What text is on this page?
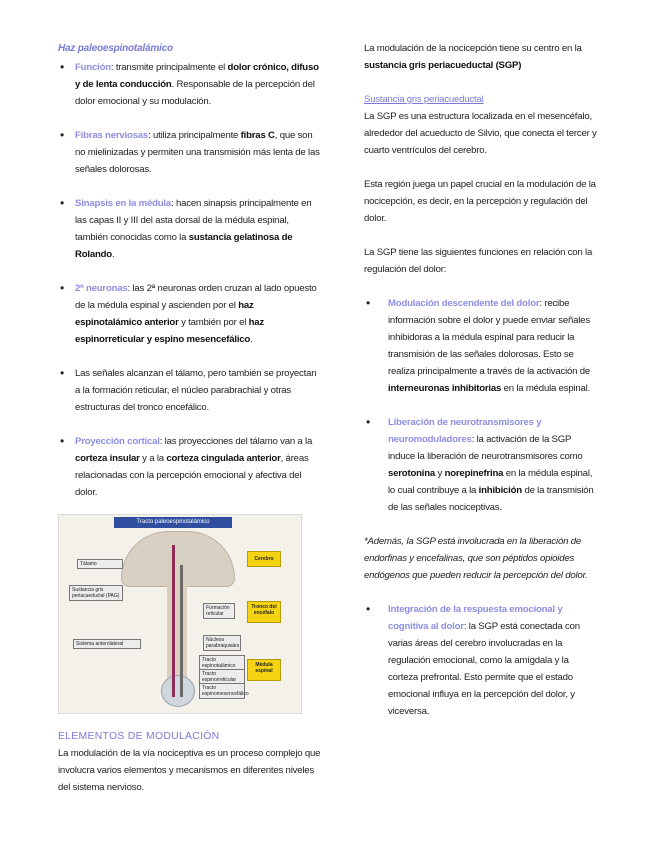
Haz paleoespinotalámico

• Función: transmite principalmente el dolor crónico, difuso y de lenta conducción. Responsable de la percepción del dolor emocional y su modulación.
• Fibras nerviosas: utiliza principalmente fibras C, que son no mielinizadas y permiten una transmisión más lenta de las señales dolorosas.
• Sinapsis en la médula: hacen sinapsis principalmente en las capas II y III del asta dorsal de la médula espinal, también conocidas como la sustancia gelatinosa de Rolando.
• 2ª neuronas: las 2ª neuronas orden cruzan al lado opuesto de la médula espinal y ascienden por el haz espinotalámico anterior y también por el haz espinorreticular y espino mesencefálico.
• Las señales alcanzan el tálamo, pero también se proyectan a la formación reticular, el núcleo parabrachial y otras estructuras del tronco encefálico.
• Proyección cortical: las proyecciones del tálamo van a la corteza insular y a la corteza cingulada anterior, áreas relacionadas con la percepción emocional y afectiva del dolor.
Tracto paleoespinotalámico
Tálamo
Sustancia gris periacueductal (PAG)
Formación reticular
Núcleos parabraquiales
Sistema anterolateral
Tracto espinotalámico
Tracto espinorreticular
Tracto espinomesencefálico
Cerebro
Tronco del encéfalo
Médula espinal

ELEMENTOS DE MODULACIÓN

La modulación de la vía nociceptiva es un proceso complejo que involucra varios elementos y mecanismos en diferentes niveles del sistema nervioso.

La modulación de la nocicepción tiene su centro en la sustancia gris periacueductal (SGP)

Sustancia gris periacueductal

La SGP es una estructura localizada en el mesencéfalo, alrededor del acueducto de Silvio, que conecta el tercer y cuarto ventrículos del cerebro.

Esta región juega un papel crucial en la modulación de la nocicepción, es decir, en la percepción y regulación del dolor.

La SGP tiene las siguientes funciones en relación con la regulación del dolor:

• Modulación descendente del dolor: recibe información sobre el dolor y puede enviar señales inhibidoras a la médula espinal para reducir la transmisión de las señales dolorosas. Esto se realiza principalmente a través de la activación de interneuronas inhibitorias en la médula espinal.
• Liberación de neurotransmisores y neuromoduladores: la activación de la SGP induce la liberación de neurotransmisores como serotonina y norepinefrina en la médula espinal, lo cual contribuye a la inhibición de la transmisión de las señales nociceptivas.

*Además, la SGP está involucrada en la liberación de endorfinas y encefalinas, que son péptidos opioides endógenos que pueden reducir la percepción del dolor.

• Integración de la respuesta emocional y cognitiva al dolor: la SGP está conectada con varias áreas del cerebro involucradas en la regulación emocional, como la amígdala y la corteza prefrontal. Esto permite que el estado emocional influya en la percepción del dolor, y viceversa.
